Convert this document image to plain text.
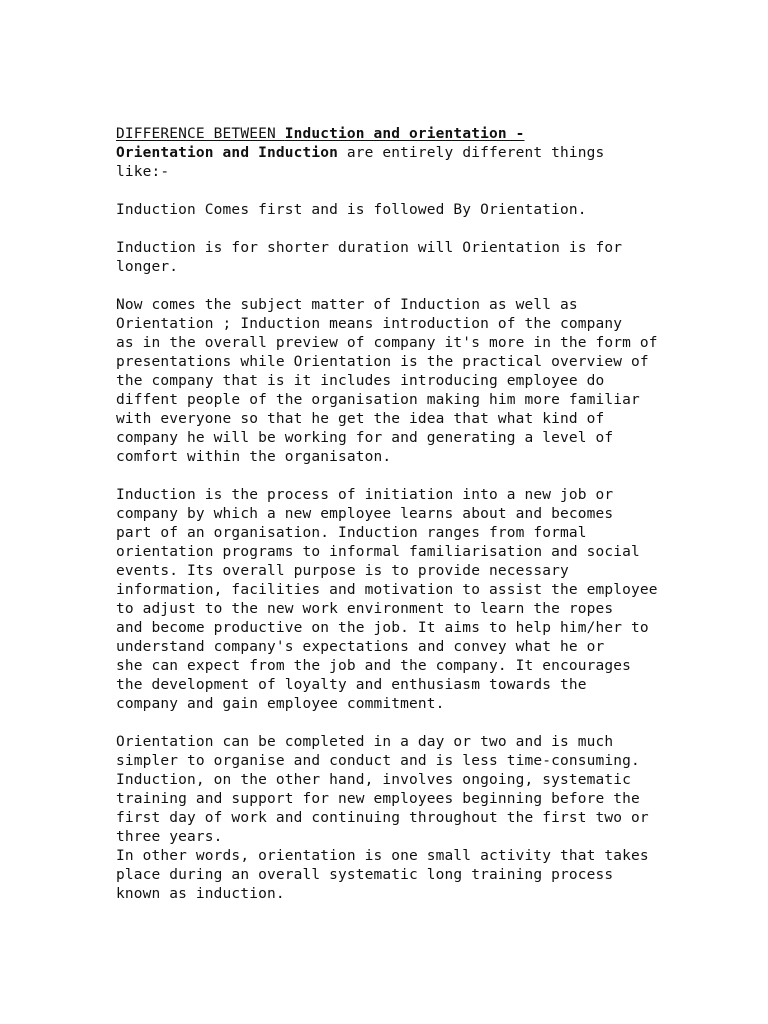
DIFFERENCE BETWEEN Induction and orientation -
Orientation and Induction are entirely different things
like:-
Induction Comes first and is followed By Orientation.
Induction is for shorter duration will Orientation is for
longer.
Now comes the subject matter of Induction as well as
Orientation ; Induction means introduction of the company
as in the overall preview of company it's more in the form of
presentations while Orientation is the practical overview of
the company that is it includes introducing employee do
diffent people of the organisation making him more familiar
with everyone so that he get the idea that what kind of
company he will be working for and generating a level of
comfort within the organisaton.
Induction is the process of initiation into a new job or
company by which a new employee learns about and becomes
part of an organisation. Induction ranges from formal
orientation programs to informal familiarisation and social
events. Its overall purpose is to provide necessary
information, facilities and motivation to assist the employee
to adjust to the new work environment to learn the ropes
and become productive on the job. It aims to help him/her to
understand company's expectations and convey what he or
she can expect from the job and the company. It encourages
the development of loyalty and enthusiasm towards the
company and gain employee commitment.
Orientation can be completed in a day or two and is much
simpler to organise and conduct and is less time-consuming.
Induction, on the other hand, involves ongoing, systematic
training and support for new employees beginning before the
first day of work and continuing throughout the first two or
three years.
In other words, orientation is one small activity that takes
place during an overall systematic long training process
known as induction.
